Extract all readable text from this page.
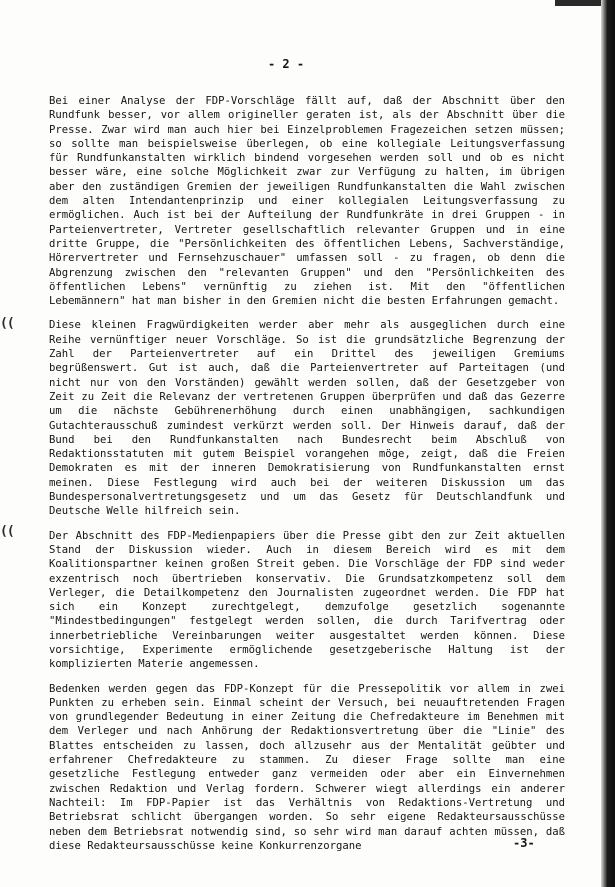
- 2 -
((
((

Bei einer Analyse der FDP-Vorschläge fällt auf, daß der Abschnitt über den Rundfunk besser, vor allem origineller geraten ist, als der Abschnitt über die Presse. Zwar wird man auch hier bei Einzelproblemen Fragezeichen setzen müssen; so sollte man beispielsweise überlegen, ob eine kollegiale Leitungsverfassung für Rundfunkanstalten wirklich bindend vorgesehen werden soll und ob es nicht besser wäre, eine solche Möglichkeit zwar zur Verfügung zu halten, im übrigen aber den zuständigen Gremien der jeweiligen Rundfunkanstalten die Wahl zwischen dem alten Intendantenprinzip und einer kollegialen Leitungsverfassung zu ermöglichen. Auch ist bei der Aufteilung der Rundfunkräte in drei Gruppen - in Parteienvertreter, Vertreter gesellschaftlich relevanter Gruppen und in eine dritte Gruppe, die "Persönlichkeiten des öffentlichen Lebens, Sachverständige, Hörervertreter und Fernsehzuschauer" umfassen soll - zu fragen, ob denn die Abgrenzung zwischen den "relevanten Gruppen" und den "Persönlichkeiten des öffentlichen Lebens" vernünftig zu ziehen ist. Mit den "öffentlichen Lebemännern" hat man bisher in den Gremien nicht die besten Erfahrungen gemacht.

Diese kleinen Fragwürdigkeiten werder aber mehr als ausgeglichen durch eine Reihe vernünftiger neuer Vorschläge. So ist die grundsätzliche Begrenzung der Zahl der Parteienvertreter auf ein Drittel des jeweiligen Gremiums begrüßenswert. Gut ist auch, daß die Parteienvertreter auf Parteitagen (und nicht nur von den Vorständen) gewählt werden sollen, daß der Gesetzgeber von Zeit zu Zeit die Relevanz der vertretenen Gruppen überprüfen und daß das Gezerre um die nächste Gebührenerhöhung durch einen unabhängigen, sachkundigen Gutachterausschuß zumindest verkürzt werden soll. Der Hinweis darauf, daß der Bund bei den Rundfunkanstalten nach Bundesrecht beim Abschluß von Redaktionsstatuten mit gutem Beispiel vorangehen möge, zeigt, daß die Freien Demokraten es mit der inneren Demokratisierung von Rundfunkanstalten ernst meinen. Diese Festlegung wird auch bei der weiteren Diskussion um das Bundespersonalvertretungsgesetz und um das Gesetz für Deutschlandfunk und Deutsche Welle hilfreich sein.

Der Abschnitt des FDP-Medienpapiers über die Presse gibt den zur Zeit aktuellen Stand der Diskussion wieder. Auch in diesem Bereich wird es mit dem Koalitionspartner keinen großen Streit geben. Die Vorschläge der FDP sind weder exzentrisch noch übertrieben konservativ. Die Grundsatzkompetenz soll dem Verleger, die Detailkompetenz den Journalisten zugeordnet werden. Die FDP hat sich ein Konzept zurechtgelegt, demzufolge gesetzlich sogenannte "Mindestbedingungen" festgelegt werden sollen, die durch Tarifvertrag oder innerbetriebliche Vereinbarungen weiter ausgestaltet werden können. Diese vorsichtige, Experimente ermöglichende gesetzgeberische Haltung ist der komplizierten Materie angemessen.

Bedenken werden gegen das FDP-Konzept für die Pressepolitik vor allem in zwei Punkten zu erheben sein. Einmal scheint der Versuch, bei neuauftretenden Fragen von grundlegender Bedeutung in einer Zeitung die Chefredakteure im Benehmen mit dem Verleger und nach Anhörung der Redaktionsvertretung über die "Linie" des Blattes entscheiden zu lassen, doch allzusehr aus der Mentalität geübter und erfahrener Chefredakteure zu stammen. Zu dieser Frage sollte man eine gesetzliche Festlegung entweder ganz vermeiden oder aber ein Einvernehmen zwischen Redaktion und Verlag fordern. Schwerer wiegt allerdings ein anderer Nachteil: Im FDP-Papier ist das Verhältnis von Redaktions-Vertretung und Betriebsrat schlicht übergangen worden. So sehr eigene Redakteursausschüsse neben dem Betriebsrat notwendig sind, so sehr wird man darauf achten müssen, daß diese Redakteursausschüsse keine Konkurrenzorgane	-3-
